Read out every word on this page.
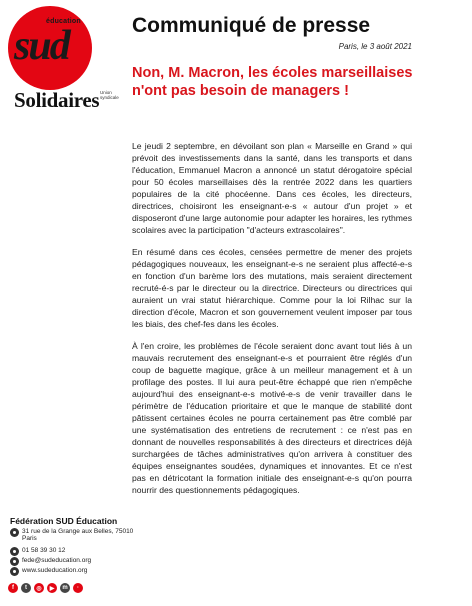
éducation
sud
Solidaires Union syndicale
Communiqué de presse
Paris, le 3 août 2021
Non, M. Macron, les écoles marseillaises n'ont pas besoin de managers !

Le jeudi 2 septembre, en dévoilant son plan « Marseille en Grand » qui prévoit des investissements dans la santé, dans les transports et dans l'éducation, Emmanuel Macron a annoncé un statut dérogatoire spécial pour 50 écoles marseillaises dès la rentrée 2022 dans les quartiers populaires de la cité phocéenne. Dans ces écoles, les directeurs, directrices, choisiront les enseignant-e-s « autour d'un projet » et disposeront d'une large autonomie pour adapter les horaires, les rythmes scolaires avec la participation "d'acteurs extrascolaires".

En résumé dans ces écoles, censées permettre de mener des projets pédagogiques nouveaux, les enseignant-e-s ne seraient plus affecté-e-s en fonction d'un barème lors des mutations, mais seraient directement recruté-é-s par le directeur ou la directrice. Directeurs ou directrices qui auraient un vrai statut hiérarchique. Comme pour la loi Rilhac sur la direction d'école, Macron et son gouvernement veulent imposer par tous les biais, des chef-fes dans les écoles.

À l'en croire, les problèmes de l'école seraient donc avant tout liés à un mauvais recrutement des enseignant-e-s et pourraient être réglés d'un coup de baguette magique, grâce à un meilleur management et à un profilage des postes. Il lui aura peut-être échappé que rien n'empêche aujourd'hui des enseignant-e-s motivé-e-s de venir travailler dans le périmètre de l'éducation prioritaire et que le manque de stabilité dont pâtissent certaines écoles ne pourra certainement pas être comblé par une systématisation des entretiens de recrutement : ce n'est pas en donnant de nouvelles responsabilités à des directeurs et directrices déjà surchargées de tâches administratives qu'on arrivera à constituer des équipes enseignantes soudées, dynamiques et innovantes. Et ce n'est pas en détricotant la formation initiale des enseignant-e-s qu'on pourra nourrir des questionnements pédagogiques.

Fédération SUD Éducation
31 rue de la Grange aux Belles, 75010 Paris
01 58 39 30 12
fede@sudeducation.org
www.sudeducation.org
f	t	◎	▶	m	·
